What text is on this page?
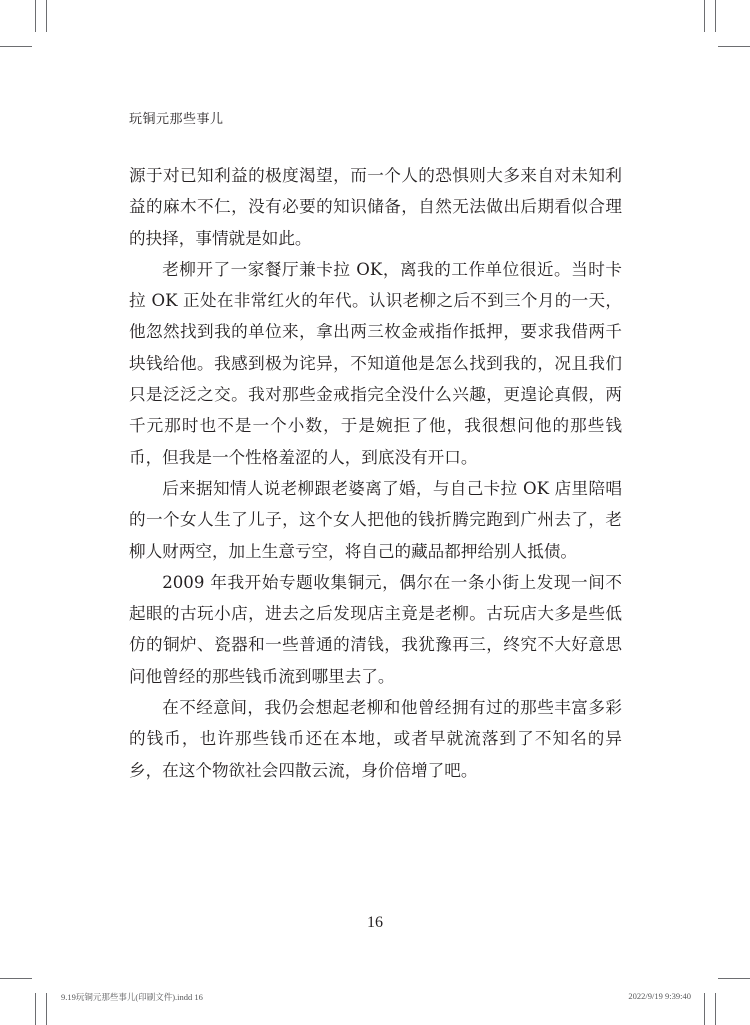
玩铜元那些事儿

源于对已知利益的极度渴望，而一个人的恐惧则大多来自对未知利益的麻木不仁，没有必要的知识储备，自然无法做出后期看似合理的抉择，事情就是如此。

老柳开了一家餐厅兼卡拉 OK，离我的工作单位很近。当时卡拉 OK 正处在非常红火的年代。认识老柳之后不到三个月的一天，他忽然找到我的单位来，拿出两三枚金戒指作抵押，要求我借两千块钱给他。我感到极为诧异，不知道他是怎么找到我的，况且我们只是泛泛之交。我对那些金戒指完全没什么兴趣，更遑论真假，两千元那时也不是一个小数，于是婉拒了他，我很想问他的那些钱币，但我是一个性格羞涩的人，到底没有开口。

后来据知情人说老柳跟老婆离了婚，与自己卡拉 OK 店里陪唱的一个女人生了儿子，这个女人把他的钱折腾完跑到广州去了，老柳人财两空，加上生意亏空，将自己的藏品都押给别人抵债。

2009 年我开始专题收集铜元，偶尔在一条小街上发现一间不起眼的古玩小店，进去之后发现店主竟是老柳。古玩店大多是些低仿的铜炉、瓷器和一些普通的清钱，我犹豫再三，终究不大好意思问他曾经的那些钱币流到哪里去了。

在不经意间，我仍会想起老柳和他曾经拥有过的那些丰富多彩的钱币，也许那些钱币还在本地，或者早就流落到了不知名的异乡，在这个物欲社会四散云流，身价倍增了吧。

16
9.19玩铜元那些事儿(印刷文件).indd 16	2022/9/19 9:39:40
